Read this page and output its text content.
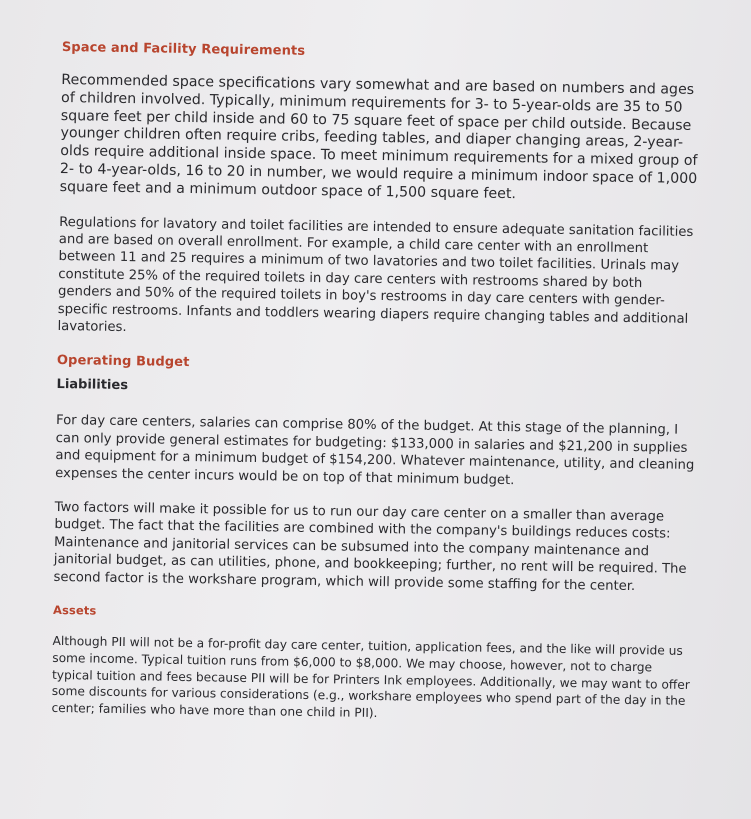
Space and Facility Requirements

Recommended space specifications vary somewhat and are based on numbers and ages of children involved. Typically, minimum requirements for 3- to 5-year-olds are 35 to 50 square feet per child inside and 60 to 75 square feet of space per child outside. Because younger children often require cribs, feeding tables, and diaper changing areas, 2-year-olds require additional inside space. To meet minimum requirements for a mixed group of 2- to 4-year-olds, 16 to 20 in number, we would require a minimum indoor space of 1,000 square feet and a minimum outdoor space of 1,500 square feet.

Regulations for lavatory and toilet facilities are intended to ensure adequate sanitation facilities and are based on overall enrollment. For example, a child care center with an enrollment between 11 and 25 requires a minimum of two lavatories and two toilet facilities. Urinals may constitute 25% of the required toilets in day care centers with restrooms shared by both genders and 50% of the required toilets in boy's restrooms in day care centers with gender-specific restrooms. Infants and toddlers wearing diapers require changing tables and additional lavatories.

Operating Budget
Liabilities

For day care centers, salaries can comprise 80% of the budget. At this stage of the planning, I can only provide general estimates for budgeting: $133,000 in salaries and $21,200 in supplies and equipment for a minimum budget of $154,200. Whatever maintenance, utility, and cleaning expenses the center incurs would be on top of that minimum budget.

Two factors will make it possible for us to run our day care center on a smaller than average budget. The fact that the facilities are combined with the company's buildings reduces costs: Maintenance and janitorial services can be subsumed into the company maintenance and janitorial budget, as can utilities, phone, and bookkeeping; further, no rent will be required. The second factor is the workshare program, which will provide some staffing for the center.

Assets

Although PII will not be a for-profit day care center, tuition, application fees, and the like will provide us some income. Typical tuition runs from $6,000 to $8,000. We may choose, however, not to charge typical tuition and fees because PII will be for Printers Ink employees. Additionally, we may want to offer some discounts for various considerations (e.g., workshare employees who spend part of the day in the center; families who have more than one child in PII).
